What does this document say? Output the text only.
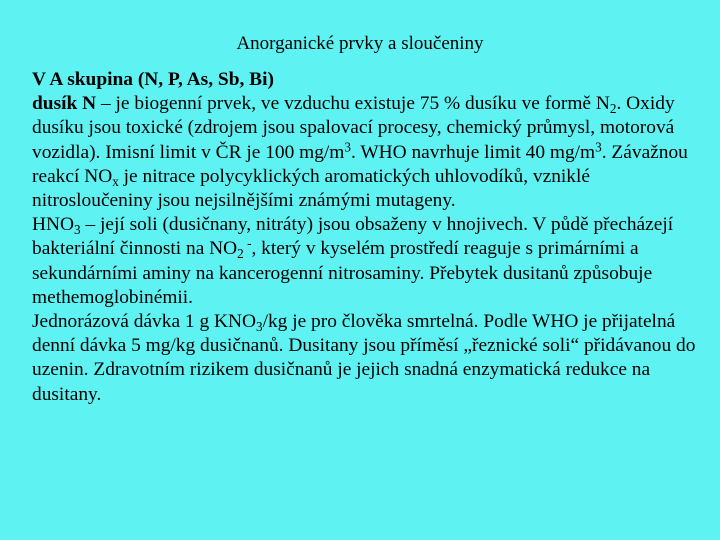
Anorganické prvky a sloučeniny

V A skupina (N, P, As, Sb, Bi)

dusík N – je biogenní prvek, ve vzduchu existuje 75 % dusíku ve formě $N_2$. Oxidy dusíku jsou toxické (zdrojem jsou spalovací procesy, chemický průmysl, motorová vozidla). Imisní limit v ČR je 100 $mg/m^3$. WHO navrhuje limit 40 $mg/m^3$. Závažnou reakcí $NO_x$ je nitrace polycyklických aromatických uhlovodíků, vzniklé nitrosloučeniny jsou nejsilnějšími známými mutageny.

$HNO_3$ – její soli (dusičnany, nitráty) jsou obsaženy v hnojivech. V půdě přecházejí bakteriální činnosti na $NO_2$ -, který v kyselém prostředí reaguje s primárními a sekundárními aminy na kancerogenní nitrosaminy. Přebytek dusitanů způsobuje methemoglobinémii.

Jednorázová dávka 1 g $KNO_3/kg$ je pro člověka smrtelná. Podle WHO je přijatelná denní dávka 5 mg/kg dusičnanů. Dusitany jsou příměsí „řeznické soli“ přidávanou do uzenin. Zdravotním rizikem dusičnanů je jejich snadná enzymatická redukce na dusitany.
